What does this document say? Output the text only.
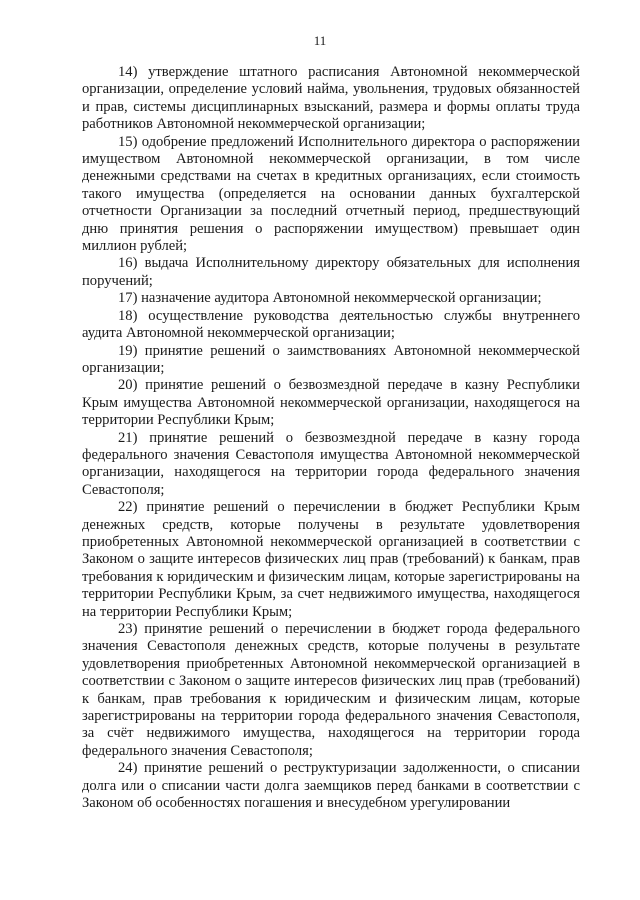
11

14) утверждение штатного расписания Автономной некоммерческой организации, определение условий найма, увольнения, трудовых обязанностей и прав, системы дисциплинарных взысканий, размера и формы оплаты труда работников Автономной некоммерческой организации;

15) одобрение предложений Исполнительного директора о распоряжении имуществом Автономной некоммерческой организации, в том числе денежными средствами на счетах в кредитных организациях, если стоимость такого имущества (определяется на основании данных бухгалтерской отчетности Организации за последний отчетный период, предшествующий дню принятия решения о распоряжении имуществом) превышает один миллион рублей;

16) выдача Исполнительному директору обязательных для исполнения поручений;

17) назначение аудитора Автономной некоммерческой организации;

18) осуществление руководства деятельностью службы внутреннего аудита Автономной некоммерческой организации;

19) принятие решений о заимствованиях Автономной некоммерческой организации;

20) принятие решений о безвозмездной передаче в казну Республики Крым имущества Автономной некоммерческой организации, находящегося на территории Республики Крым;

21) принятие решений о безвозмездной передаче в казну города федерального значения Севастополя имущества Автономной некоммерческой организации, находящегося на территории города федерального значения Севастополя;

22) принятие решений о перечислении в бюджет Республики Крым денежных средств, которые получены в результате удовлетворения приобретенных Автономной некоммерческой организацией в соответствии с Законом о защите интересов физических лиц прав (требований) к банкам, прав требования к юридическим и физическим лицам, которые зарегистрированы на территории Республики Крым, за счет недвижимого имущества, находящегося на территории Республики Крым;

23) принятие решений о перечислении в бюджет города федерального значения Севастополя денежных средств, которые получены в результате удовлетворения приобретенных Автономной некоммерческой организацией в соответствии с Законом о защите интересов физических лиц прав (требований) к банкам, прав требования к юридическим и физическим лицам, которые зарегистрированы на территории города федерального значения Севастополя, за счёт недвижимого имущества, находящегося на территории города федерального значения Севастополя;

24) принятие решений о реструктуризации задолженности, о списании долга или о списании части долга заемщиков перед банками в соответствии с Законом об особенностях погашения и внесудебном урегулировании
